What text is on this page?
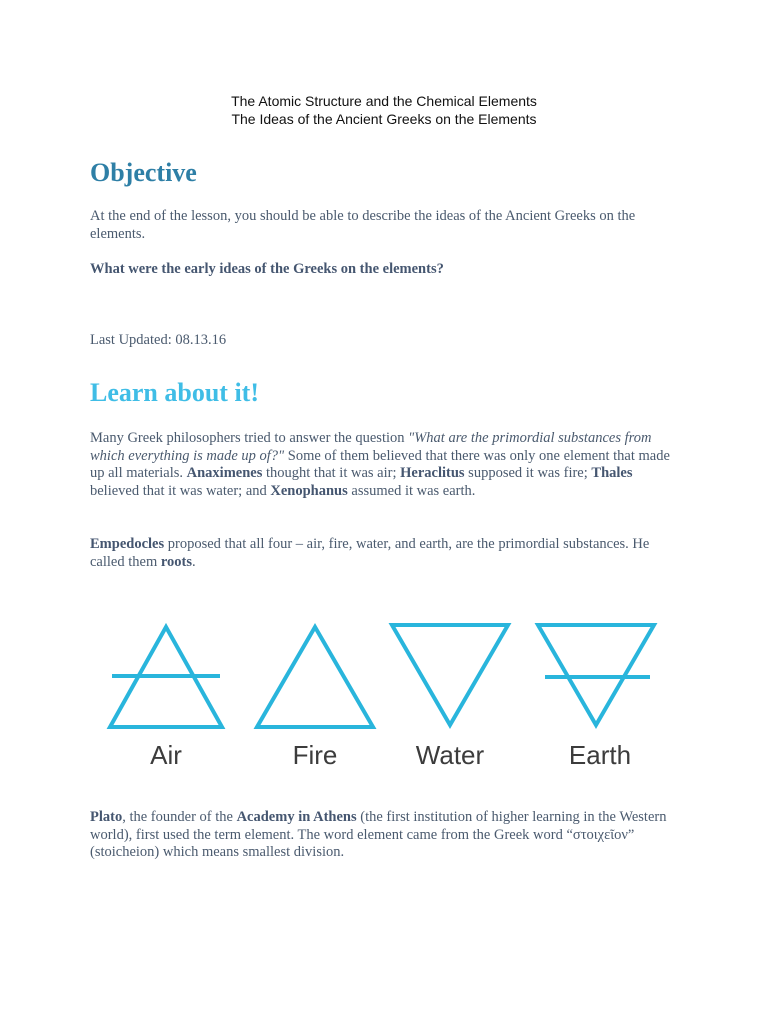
The Atomic Structure and the Chemical Elements
The Ideas of the Ancient Greeks on the Elements
Objective

At the end of the lesson, you should be able to describe the ideas of the Ancient Greeks on the elements.

What were the early ideas of the Greeks on the elements?

Last Updated: 08.13.16

Learn about it!

Many Greek philosophers tried to answer the question "What are the primordial substances from which everything is made up of?" Some of them believed that there was only one element that made up all materials. Anaximenes thought that it was air; Heraclitus supposed it was fire; Thales believed that it was water; and Xenophanus assumed it was earth.

Empedocles proposed that all four – air, fire, water, and earth, are the primordial substances. He called them roots.

Air	Fire	Water	Earth

Plato, the founder of the Academy in Athens (the first institution of higher learning in the Western world), first used the term element. The word element came from the Greek word “στοιχεῖον” (stoicheion) which means smallest division.
